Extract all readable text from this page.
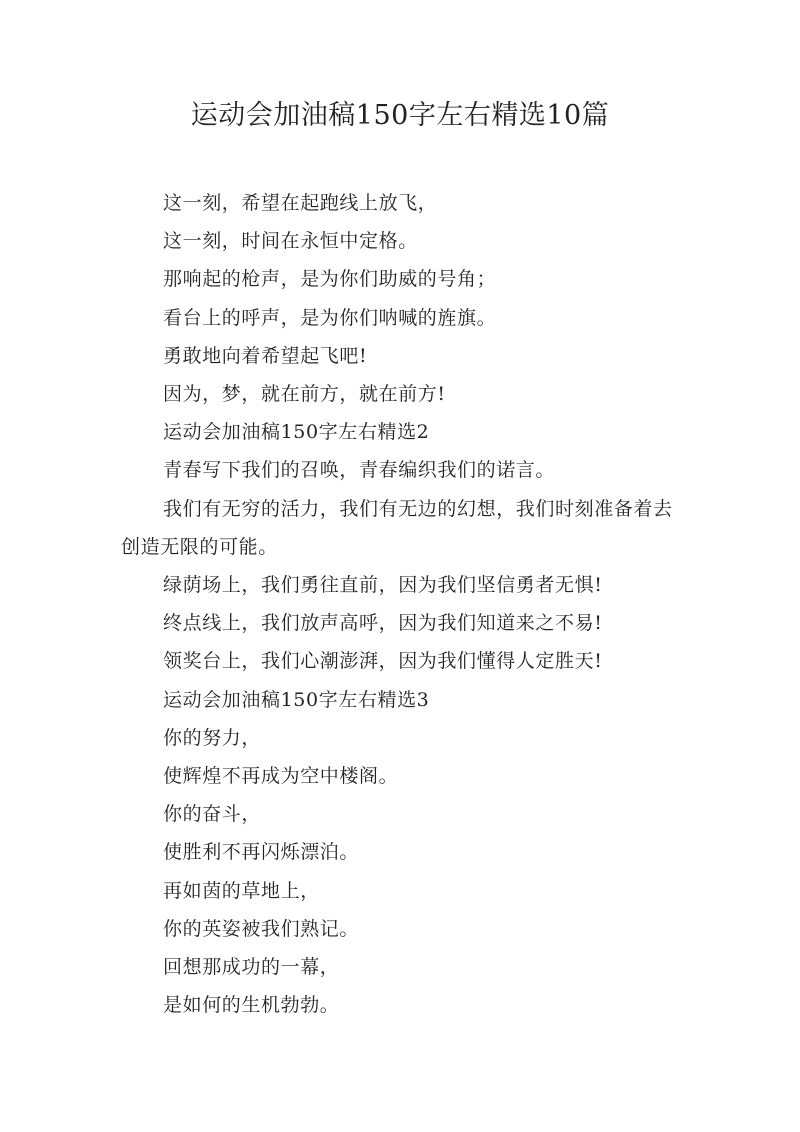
运动会加油稿150字左右精选10篇

这一刻，希望在起跑线上放飞，

这一刻，时间在永恒中定格。

那响起的枪声，是为你们助威的号角；

看台上的呼声，是为你们呐喊的旌旗。

勇敢地向着希望起飞吧!

因为，梦，就在前方，就在前方!

运动会加油稿150字左右精选2

青春写下我们的召唤，青春编织我们的诺言。

我们有无穷的活力，我们有无边的幻想，我们时刻准备着去创造无限的可能。

绿荫场上，我们勇往直前，因为我们坚信勇者无惧!

终点线上，我们放声高呼，因为我们知道来之不易!

领奖台上，我们心潮澎湃，因为我们懂得人定胜天!

运动会加油稿150字左右精选3

你的努力，

使辉煌不再成为空中楼阁。

你的奋斗，

使胜利不再闪烁漂泊。

再如茵的草地上，

你的英姿被我们熟记。

回想那成功的一幕，

是如何的生机勃勃。
